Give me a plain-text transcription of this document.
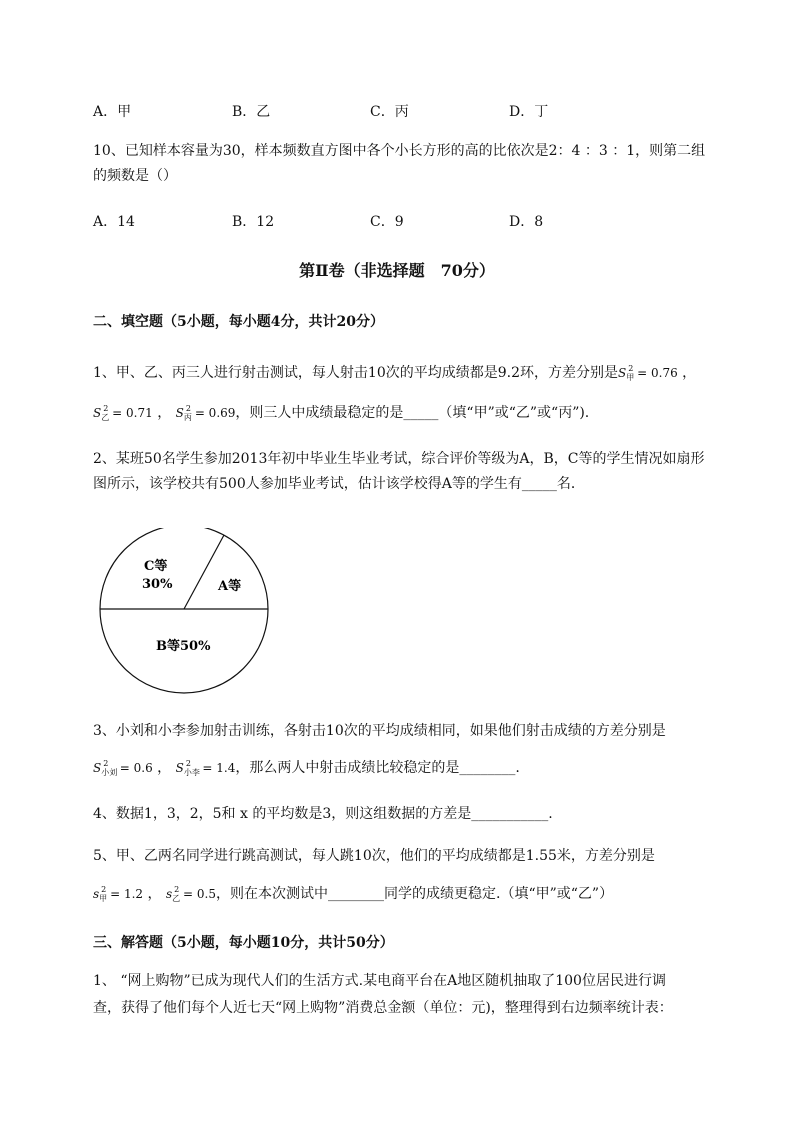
A．甲	B．乙	C．丙	D．丁
10、已知样本容量为30，样本频数直方图中各个小长方形的高的比依次是2：4 ：3 ：1，则第二组
的频数是（）
A．14	B．12	C．9	D．8
第Ⅱ卷（非选择题　70分）
二、填空题（5小题，每小题4分，共计20分）
1、甲、乙、丙三人进行射击测试，每人射击10次的平均成绩都是9.2环，方差分别是$S_甲^2 = 0.76$ ，
$S_乙^2 = 0.71$ ， $S_丙^2 = 0.69$，则三人中成绩最稳定的是_____（填“甲”或“乙”或“丙”).
2、某班50名学生参加2013年初中毕业生毕业考试，综合评价等级为A，B，C等的学生情况如扇形
图所示，该学校共有500人参加毕业考试，估计该学校得A等的学生有_____名．
C等
30%	A等
B等50%
3、小刘和小李参加射击训练，各射击10次的平均成绩相同，如果他们射击成绩的方差分别是
$S_{小刘}^2 = 0.6$ ， $S_{小李}^2 = 1.4$，那么两人中射击成绩比较稳定的是________.
4、数据1，3，2，5和 x 的平均数是3，则这组数据的方差是___________.
5、甲、乙两名同学进行跳高测试，每人跳10次，他们的平均成绩都是1.55米，方差分别是
$s_甲^2 = 1.2$ ， $s_乙^2 = 0.5$，则在本次测试中________同学的成绩更稳定.（填“甲”或“乙”）
三、解答题（5小题，每小题10分，共计50分）
1、 “网上购物”已成为现代人们的生活方式.某电商平台在A地区随机抽取了100位居民进行调
查，获得了他们每个人近七天“网上购物”消费总金额（单位：元)，整理得到右边频率统计表：
